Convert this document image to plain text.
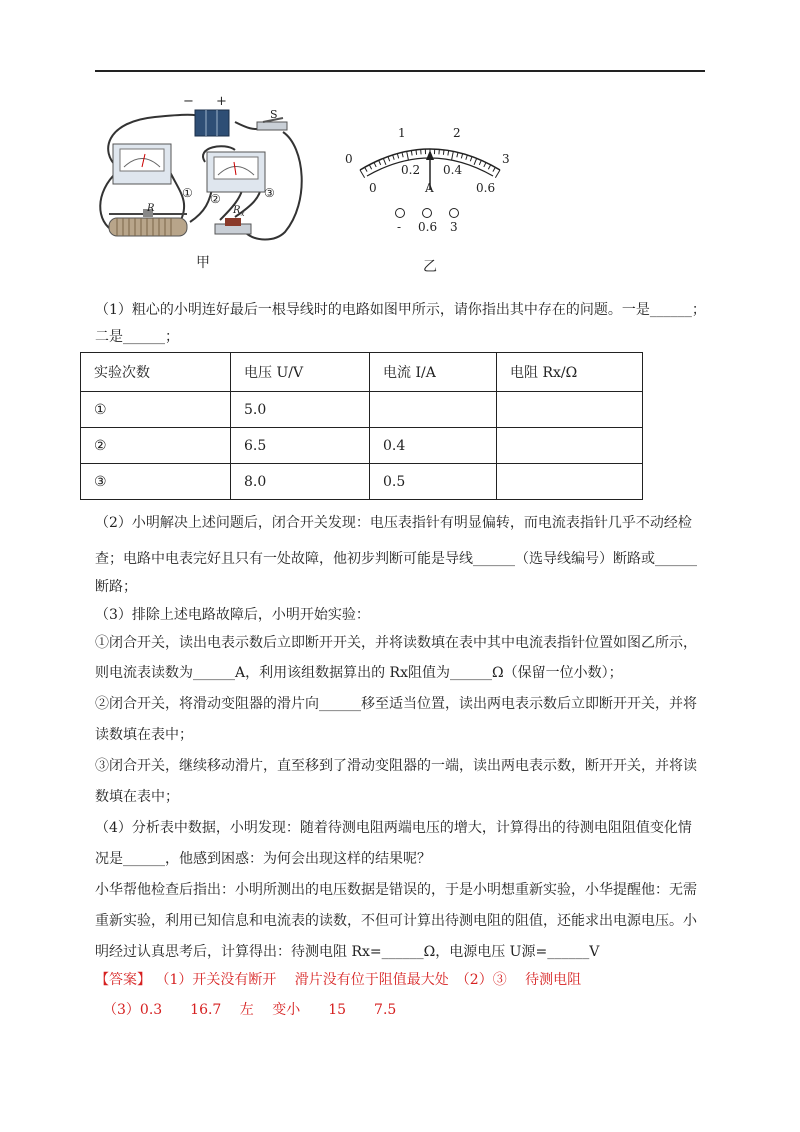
− +
S
R	$R_x$
① ②	③
甲
0
1	2
3
0
0.2 0.4
0.6
A
- 0.6 3
乙
（1）粗心的小明连好最后一根导线时的电路如图甲所示，请你指出其中存在的问题。一是______；
二是______；
实验次数	电压 U/V	电流 I/A	电阻 Rx/Ω
①	5.0		
②	6.5	0.4	
③	8.0	0.5	
（2）小明解决上述问题后，闭合开关发现：电压表指针有明显偏转，而电流表指针几乎不动经检
查；电路中电表完好且只有一处故障，他初步判断可能是导线______（选导线编号）断路或______
断路；
（3）排除上述电路故障后，小明开始实验：
①闭合开关，读出电表示数后立即断开开关，并将读数填在表中其中电流表指针位置如图乙所示，
则电流表读数为______A，利用该组数据算出的 Rx阻值为______Ω（保留一位小数）；
②闭合开关，将滑动变阻器的滑片向______移至适当位置，读出两电表示数后立即断开开关，并将
读数填在表中；
③闭合开关，继续移动滑片，直至移到了滑动变阻器的一端，读出两电表示数，断开开关，并将读
数填在表中；
（4）分析表中数据，小明发现：随着待测电阻两端电压的增大，计算得出的待测电阻阻值变化情
况是______，他感到困惑：为何会出现这样的结果呢？
小华帮他检查后指出：小明所测出的电压数据是错误的，于是小明想重新实验，小华提醒他：无需
重新实验，利用已知信息和电流表的读数，不但可计算出待测电阻的阻值，还能求出电源电压。小
明经过认真思考后，计算得出：待测电阻 Rx=______Ω，电源电压 U源=______V
【答案】 （1）开关没有断开　 滑片没有位于阻值最大处　（2）③　 待测电阻
（3）0.3　　16.7　 左　 变小　　15　　7.5
